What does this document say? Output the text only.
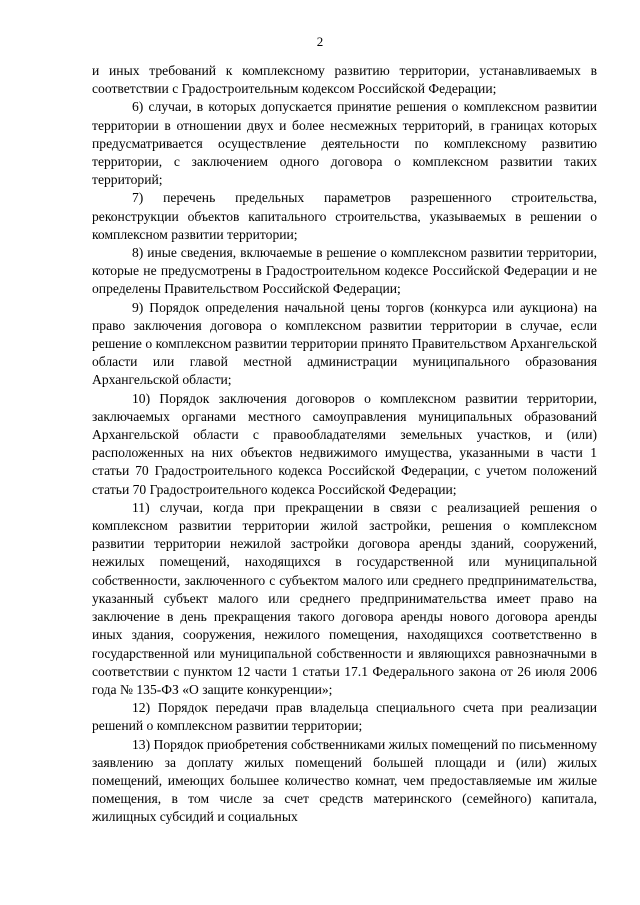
2

и иных требований к комплексному развитию территории, устанавливаемых в соответствии с Градостроительным кодексом Российской Федерации;

6) случаи, в которых допускается принятие решения о комплексном развитии территории в отношении двух и более несмежных территорий, в границах которых предусматривается осуществление деятельности по комплексному развитию территории, с заключением одного договора о комплексном развитии таких территорий;

7) перечень предельных параметров разрешенного строительства, реконструкции объектов капитального строительства, указываемых в решении о комплексном развитии территории;

8) иные сведения, включаемые в решение о комплексном развитии территории, которые не предусмотрены в Градостроительном кодексе Российской Федерации и не определены Правительством Российской Федерации;

9) Порядок определения начальной цены торгов (конкурса или аукциона) на право заключения договора о комплексном развитии территории в случае, если решение о комплексном развитии территории принято Правительством Архангельской области или главой местной администрации муниципального образования Архангельской области;

10) Порядок заключения договоров о комплексном развитии территории, заключаемых органами местного самоуправления муниципальных образований Архангельской области с правообладателями земельных участков, и (или) расположенных на них объектов недвижимого имущества, указанными в части 1 статьи 70 Градостроительного кодекса Российской Федерации, с учетом положений статьи 70 Градостроительного кодекса Российской Федерации;

11) случаи, когда при прекращении в связи с реализацией решения о комплексном развитии территории жилой застройки, решения о комплексном развитии территории нежилой застройки договора аренды зданий, сооружений, нежилых помещений, находящихся в государственной или муниципальной собственности, заключенного с субъектом малого или среднего предпринимательства, указанный субъект малого или среднего предпринимательства имеет право на заключение в день прекращения такого договора аренды нового договора аренды иных здания, сооружения, нежилого помещения, находящихся соответственно в государственной или муниципальной собственности и являющихся равнозначными в соответствии с пунктом 12 части 1 статьи 17.1 Федерального закона от 26 июля 2006 года № 135-ФЗ «О защите конкуренции»;

12) Порядок передачи прав владельца специального счета при реализации решений о комплексном развитии территории;

13) Порядок приобретения собственниками жилых помещений по письменному заявлению за доплату жилых помещений большей площади и (или) жилых помещений, имеющих большее количество комнат, чем предоставляемые им жилые помещения, в том числе за счет средств материнского (семейного) капитала, жилищных субсидий и социальных
